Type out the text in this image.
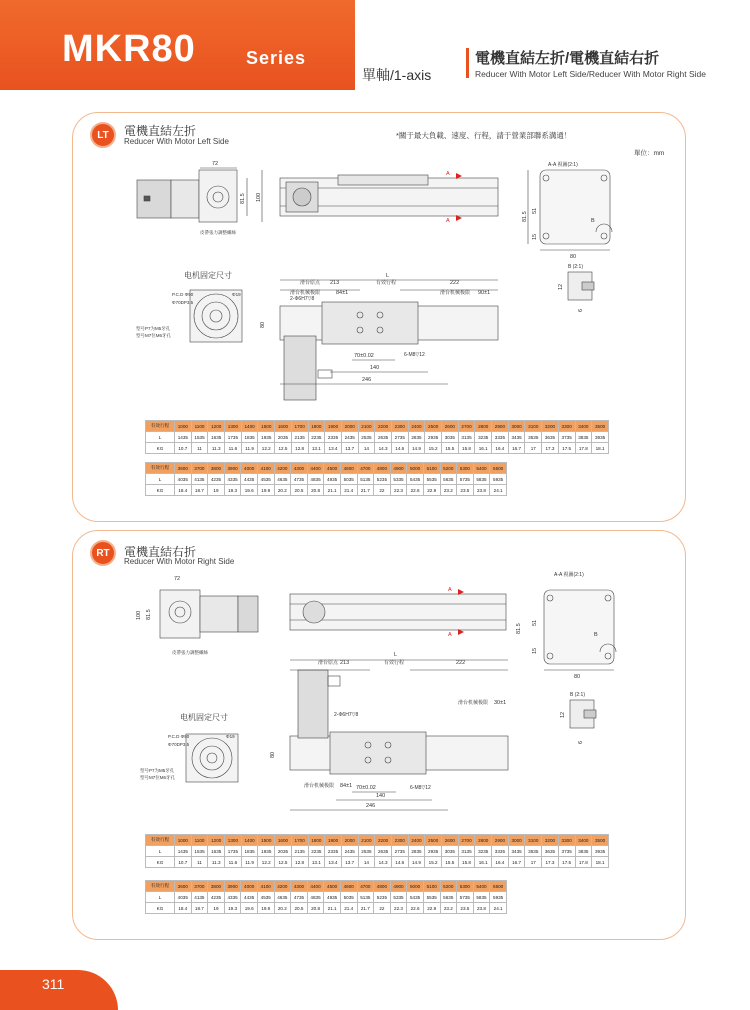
MKR80	Series
單軸/1-axis
電機直結左折/電機直結右折
Reducer With Motor Left Side/Reducer With Motor Right Side
LT	電機直結左折
Reducer With Motor Left Side
*關于最大負載、速度、行程，請于營業部聯系溝通！
單位：mm
电机固定尺寸
72
81.5 100
皮帶張力調整螺絲
A
A
A-A 視圖(2:1)
B
80
81.5
51
15
B (2:1)
12
6
L
滑台原点 213	有效行程	222
滑台机械极限	84±1	滑台机械极限 90±1
2-Φ6H7▽8
80
70±0.02	6-M8▽12
140
246
P.C.D Φ90
Φ70DP3.5
Φ19
型号P7为M5牙孔
型号M7位M6牙孔
有效行程	1000	1100	1200	1300	1400	1500	1600	1700	1800	1900	2000	2100	2200	2300	2400	2500	2600	2700	2800	2900	3000	3100	3200	3300	3400	3500
L	1435	1535	1635	1735	1835	1935	2035	2135	2235	2335	2435	2535	2635	2735	2835	2935	3035	3135	3235	3335	3435	3535	3635	3735	3835	3935
KG	10.7	11	11.3	11.6	11.9	12.2	12.5	12.8	13.1	13.4	13.7	14	14.3	14.6	14.9	15.2	15.5	15.8	16.1	16.4	16.7	17	17.3	17.5	17.8	18.1
有效行程	3600	3700	3800	3900	4000	4100	4200	4300	4400	4500	4600	4700	4800	4900	5000	5100	5200	5300	5400	5500
L	4035	4135	4235	4335	4435	4535	4635	4735	4835	4935	5035	5135	5235	5335	5435	5535	5635	5735	5835	5935
KG	18.4	18.7	19	19.3	19.6	19.9	20.2	20.5	20.8	21.1	21.4	21.7	22	22.3	22.6	22.9	23.2	23.5	23.8	24.1
RT	電機直結右折
Reducer With Motor Right Side
电机固定尺寸
72
100 81.5
皮帶張力調整螺絲
A
A
A-A 視圖(2:1)
B
80
81.5
51
15
B (2:1)
12
6
L
滑台原点 213	有效行程	222
滑台机械极限 30±1
2-Φ6H7▽8
80
滑台机械极限 84±1 70±0.02	6-M8▽12
140
246
P.C.D Φ90
Φ70DP3.5
Φ19
型号P7为M5牙孔
型号M7位M6牙孔
有效行程	1000	1100	1200	1300	1400	1500	1600	1700	1800	1900	2000	2100	2200	2300	2400	2500	2600	2700	2800	2900	3000	3100	3200	3300	3400	3500
L	1435	1535	1635	1735	1835	1935	2035	2135	2235	2335	2435	2535	2635	2735	2835	2935	3035	3135	3235	3335	3435	3535	3635	3735	3835	3935
KG	10.7	11	11.3	11.6	11.9	12.2	12.5	12.8	13.1	13.4	13.7	14	14.3	14.6	14.9	15.2	15.5	15.8	16.1	16.4	16.7	17	17.3	17.5	17.8	18.1
有效行程	3600	3700	3800	3900	4000	4100	4200	4300	4400	4500	4600	4700	4800	4900	5000	5100	5200	5300	5400	5500
L	4035	4135	4235	4335	4435	4535	4635	4735	4835	4935	5035	5135	5235	5335	5435	5535	5635	5735	5835	5935
KG	18.4	18.7	19	19.3	19.6	19.9	20.2	20.5	20.8	21.1	21.4	21.7	22	22.3	22.6	22.9	23.2	23.5	23.8	24.1
311
